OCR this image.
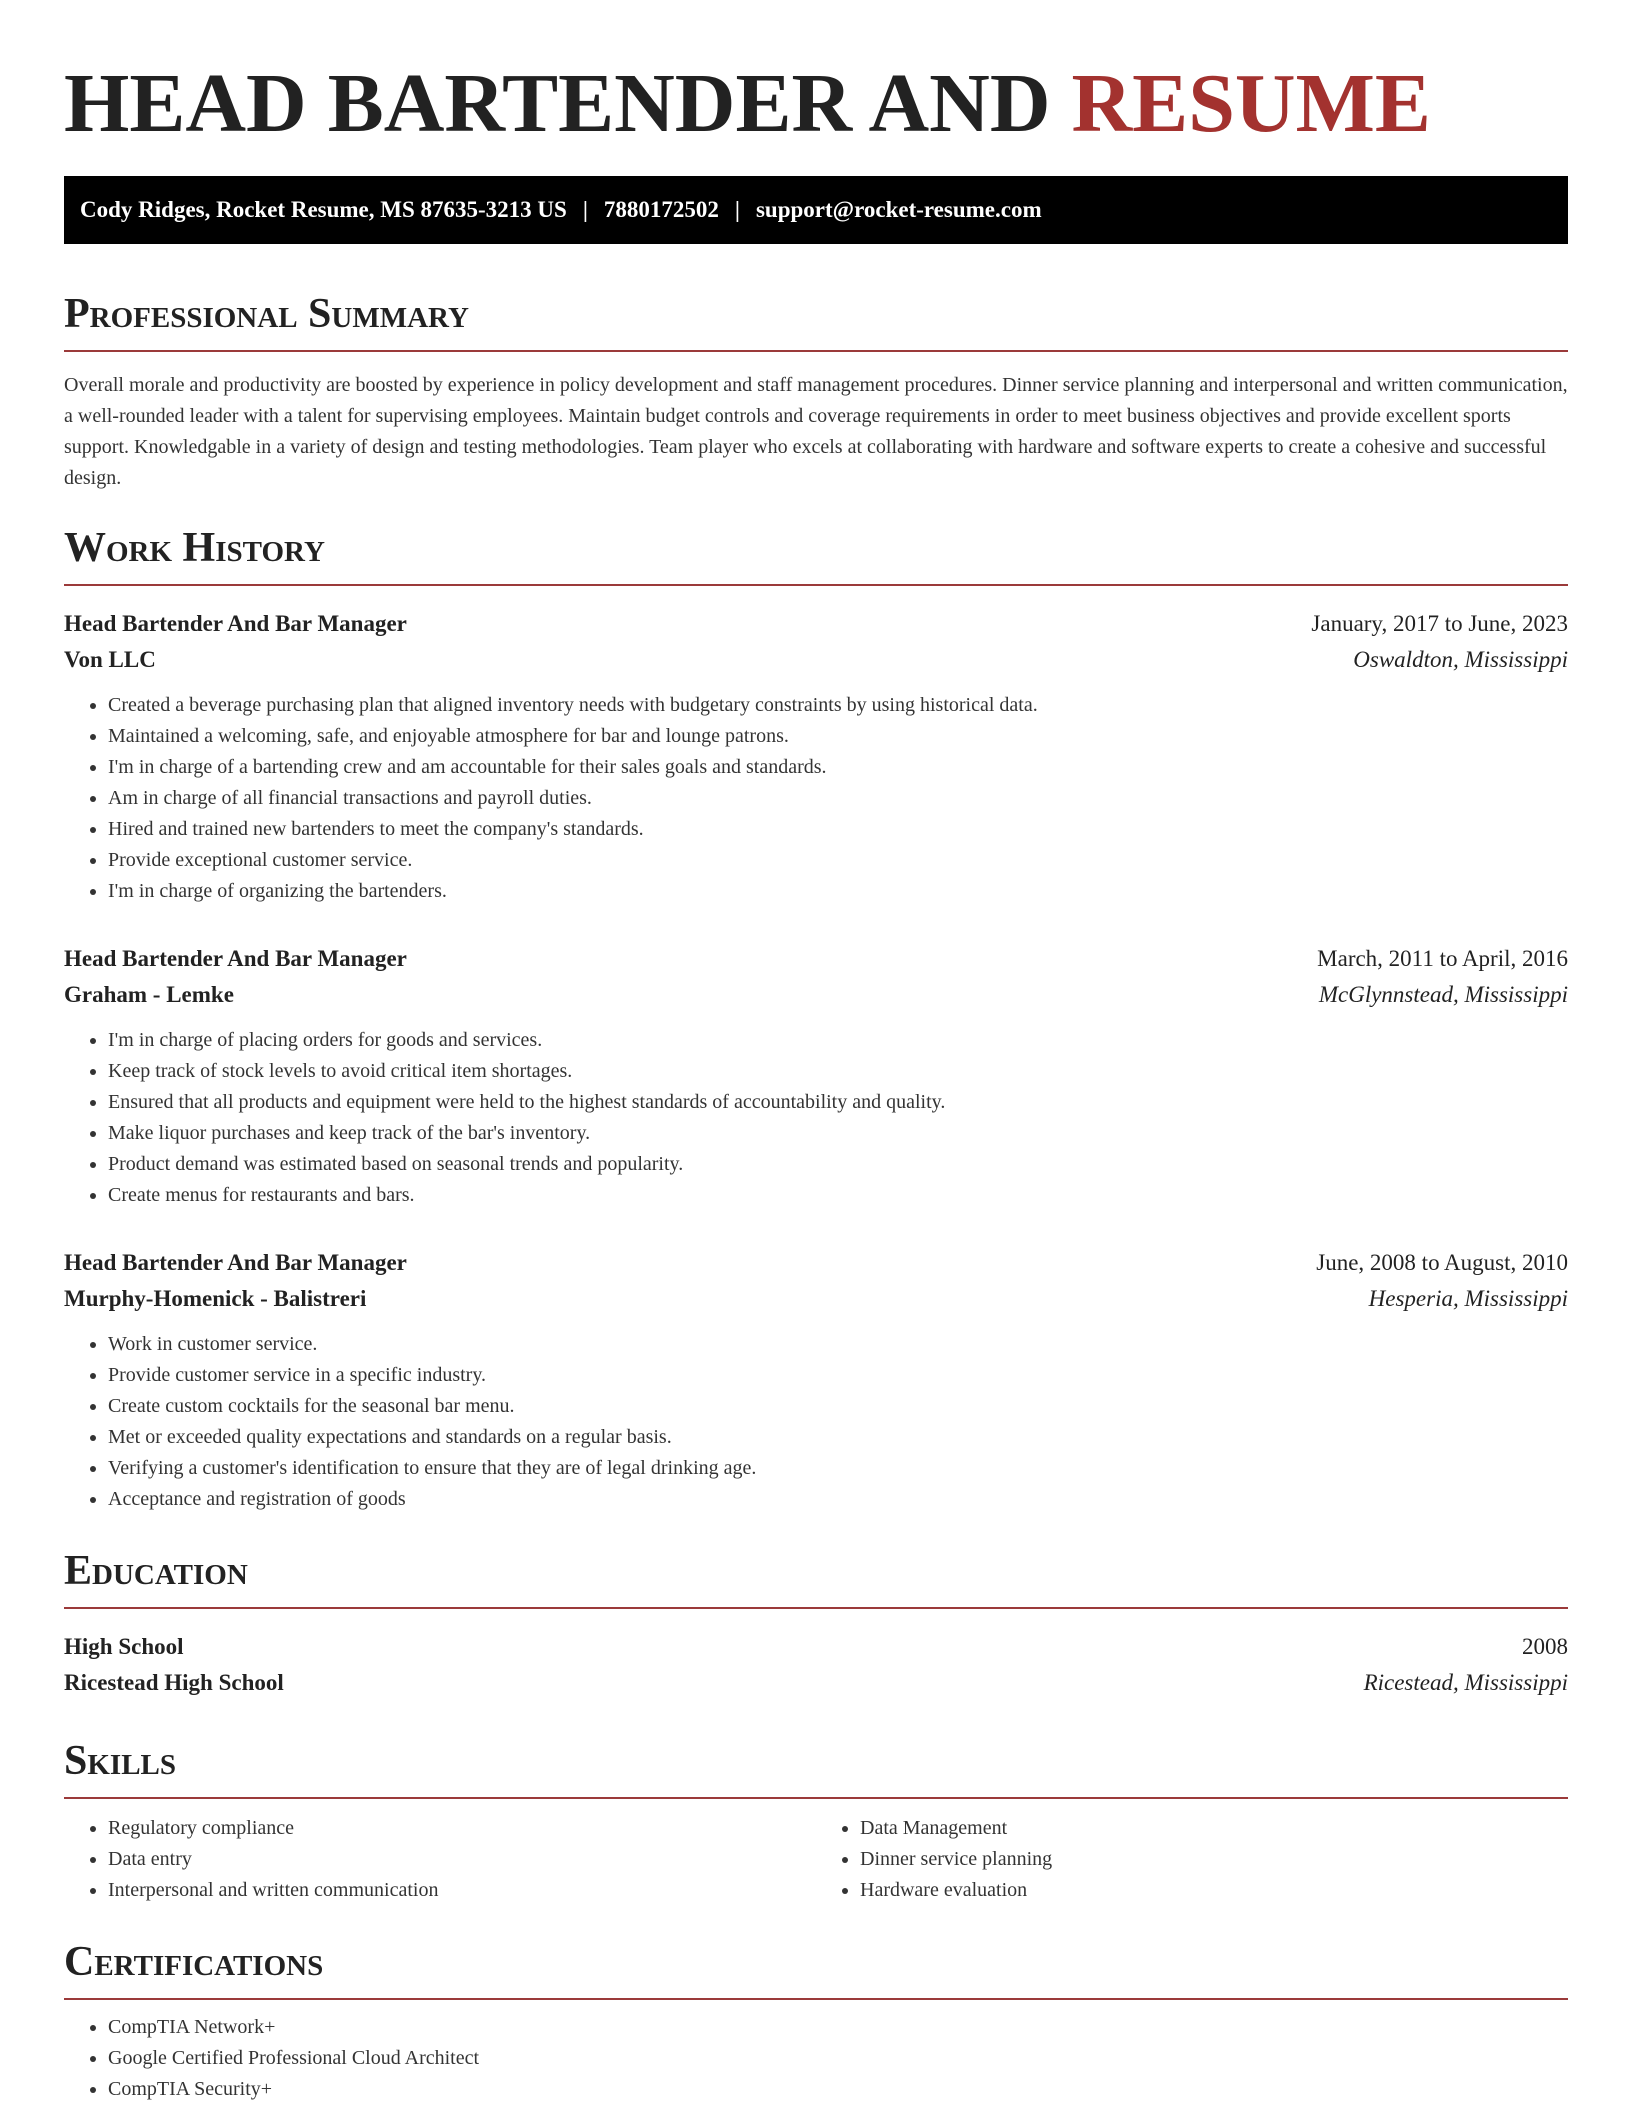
HEAD BARTENDER AND RESUME
Cody Ridges, Rocket Resume, MS 87635-3213 US | 7880172502 | support@rocket-resume.com
Professional Summary

Overall morale and productivity are boosted by experience in policy development and staff management procedures. Dinner service planning and interpersonal and written communication, a well-rounded leader with a talent for supervising employees. Maintain budget controls and coverage requirements in order to meet business objectives and provide excellent sports support. Knowledgable in a variety of design and testing methodologies. Team player who excels at collaborating with hardware and software experts to create a cohesive and successful design.

Work History
Head Bartender And Bar Manager	January, 2017 to June, 2023
Von LLC	Oswaldton, Mississippi
• Created a beverage purchasing plan that aligned inventory needs with budgetary constraints by using historical data.
• Maintained a welcoming, safe, and enjoyable atmosphere for bar and lounge patrons.
• I'm in charge of a bartending crew and am accountable for their sales goals and standards.
• Am in charge of all financial transactions and payroll duties.
• Hired and trained new bartenders to meet the company's standards.
• Provide exceptional customer service.
• I'm in charge of organizing the bartenders.
Head Bartender And Bar Manager	March, 2011 to April, 2016
Graham - Lemke	McGlynnstead, Mississippi
• I'm in charge of placing orders for goods and services.
• Keep track of stock levels to avoid critical item shortages.
• Ensured that all products and equipment were held to the highest standards of accountability and quality.
• Make liquor purchases and keep track of the bar's inventory.
• Product demand was estimated based on seasonal trends and popularity.
• Create menus for restaurants and bars.
Head Bartender And Bar Manager	June, 2008 to August, 2010
Murphy-Homenick - Balistreri	Hesperia, Mississippi
• Work in customer service.
• Provide customer service in a specific industry.
• Create custom cocktails for the seasonal bar menu.
• Met or exceeded quality expectations and standards on a regular basis.
• Verifying a customer's identification to ensure that they are of legal drinking age.
• Acceptance and registration of goods
Education
High School	2008
Ricestead High School	Ricestead, Mississippi
Skills
• Regulatory compliance
• Data entry
• Interpersonal and written communication
• Data Management
• Dinner service planning
• Hardware evaluation
Certifications
• CompTIA Network+
• Google Certified Professional Cloud Architect
• CompTIA Security+
